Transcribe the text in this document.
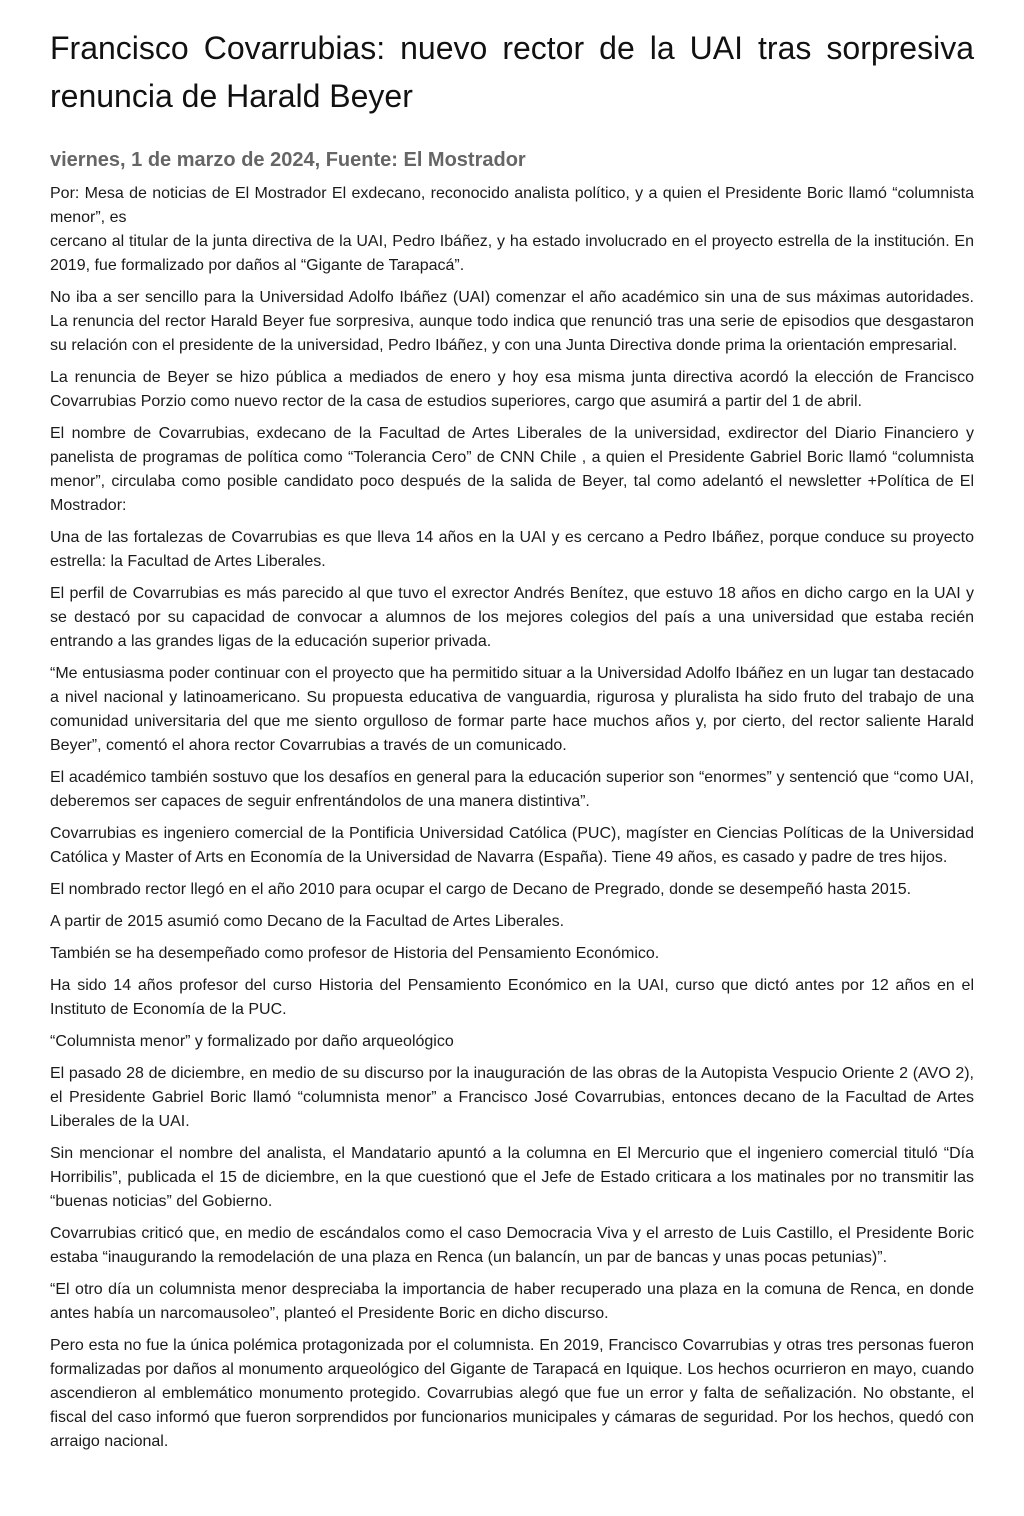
Francisco Covarrubias: nuevo rector de la UAI tras sorpresiva renuncia de Harald Beyer
viernes, 1 de marzo de 2024, Fuente: El Mostrador

Por: Mesa de noticias de El Mostrador El exdecano, reconocido analista político, y a quien el Presidente Boric llamó “columnista menor”, es
cercano al titular de la junta directiva de la UAI, Pedro Ibáñez, y ha estado involucrado en el proyecto estrella de la institución. En 2019, fue formalizado por daños al “Gigante de Tarapacá”.

No iba a ser sencillo para la Universidad Adolfo Ibáñez (UAI) comenzar el año académico sin una de sus máximas autoridades. La renuncia del rector Harald Beyer fue sorpresiva, aunque todo indica que renunció tras una serie de episodios que desgastaron su relación con el presidente de la universidad, Pedro Ibáñez, y con una Junta Directiva donde prima la orientación empresarial.

La renuncia de Beyer se hizo pública a mediados de enero y hoy esa misma junta directiva acordó la elección de Francisco Covarrubias Porzio como nuevo rector de la casa de estudios superiores, cargo que asumirá a partir del 1 de abril.

El nombre de Covarrubias, exdecano de la Facultad de Artes Liberales de la universidad, exdirector del Diario Financiero y panelista de programas de política como “Tolerancia Cero” de CNN Chile , a quien el Presidente Gabriel Boric llamó “columnista menor”, circulaba como posible candidato poco después de la salida de Beyer, tal como adelantó el newsletter +Política de El Mostrador:

Una de las fortalezas de Covarrubias es que lleva 14 años en la UAI y es cercano a Pedro Ibáñez, porque conduce su proyecto estrella: la Facultad de Artes Liberales.

El perfil de Covarrubias es más parecido al que tuvo el exrector Andrés Benítez, que estuvo 18 años en dicho cargo en la UAI y se destacó por su capacidad de convocar a alumnos de los mejores colegios del país a una universidad que estaba recién entrando a las grandes ligas de la educación superior privada.

“Me entusiasma poder continuar con el proyecto que ha permitido situar a la Universidad Adolfo Ibáñez en un lugar tan destacado a nivel nacional y latinoamericano. Su propuesta educativa de vanguardia, rigurosa y pluralista ha sido fruto del trabajo de una comunidad universitaria del que me siento orgulloso de formar parte hace muchos años y, por cierto, del rector saliente Harald Beyer”, comentó el ahora rector Covarrubias a través de un comunicado.

El académico también sostuvo que los desafíos en general para la educación superior son “enormes” y sentenció que “como UAI, deberemos ser capaces de seguir enfrentándolos de una manera distintiva”.

Covarrubias es ingeniero comercial de la Pontificia Universidad Católica (PUC), magíster en Ciencias Políticas de la Universidad Católica y Master of Arts en Economía de la Universidad de Navarra (España). Tiene 49 años, es casado y padre de tres hijos.

El nombrado rector llegó en el año 2010 para ocupar el cargo de Decano de Pregrado, donde se desempeñó hasta 2015.

A partir de 2015 asumió como Decano de la Facultad de Artes Liberales.

También se ha desempeñado como profesor de Historia del Pensamiento Económico.

Ha sido 14 años profesor del curso Historia del Pensamiento Económico en la UAI, curso que dictó antes por 12 años en el Instituto de Economía de la PUC.

“Columnista menor” y formalizado por daño arqueológico

El pasado 28 de diciembre, en medio de su discurso por la inauguración de las obras de la Autopista Vespucio Oriente 2 (AVO 2), el Presidente Gabriel Boric llamó “columnista menor” a Francisco José Covarrubias, entonces decano de la Facultad de Artes Liberales de la UAI.

Sin mencionar el nombre del analista, el Mandatario apuntó a la columna en El Mercurio que el ingeniero comercial tituló “Día Horribilis”, publicada el 15 de diciembre, en la que cuestionó que el Jefe de Estado criticara a los matinales por no transmitir las “buenas noticias” del Gobierno.

Covarrubias criticó que, en medio de escándalos como el caso Democracia Viva y el arresto de Luis Castillo, el Presidente Boric estaba “inaugurando la remodelación de una plaza en Renca (un balancín, un par de bancas y unas pocas petunias)”.

“El otro día un columnista menor despreciaba la importancia de haber recuperado una plaza en la comuna de Renca, en donde antes había un narcomausoleo”, planteó el Presidente Boric en dicho discurso.

Pero esta no fue la única polémica protagonizada por el columnista. En 2019, Francisco Covarrubias y otras tres personas fueron formalizadas por daños al monumento arqueológico del Gigante de Tarapacá en Iquique. Los hechos ocurrieron en mayo, cuando ascendieron al emblemático monumento protegido. Covarrubias alegó que fue un error y falta de señalización. No obstante, el fiscal del caso informó que fueron sorprendidos por funcionarios municipales y cámaras de seguridad. Por los hechos, quedó con arraigo nacional.
